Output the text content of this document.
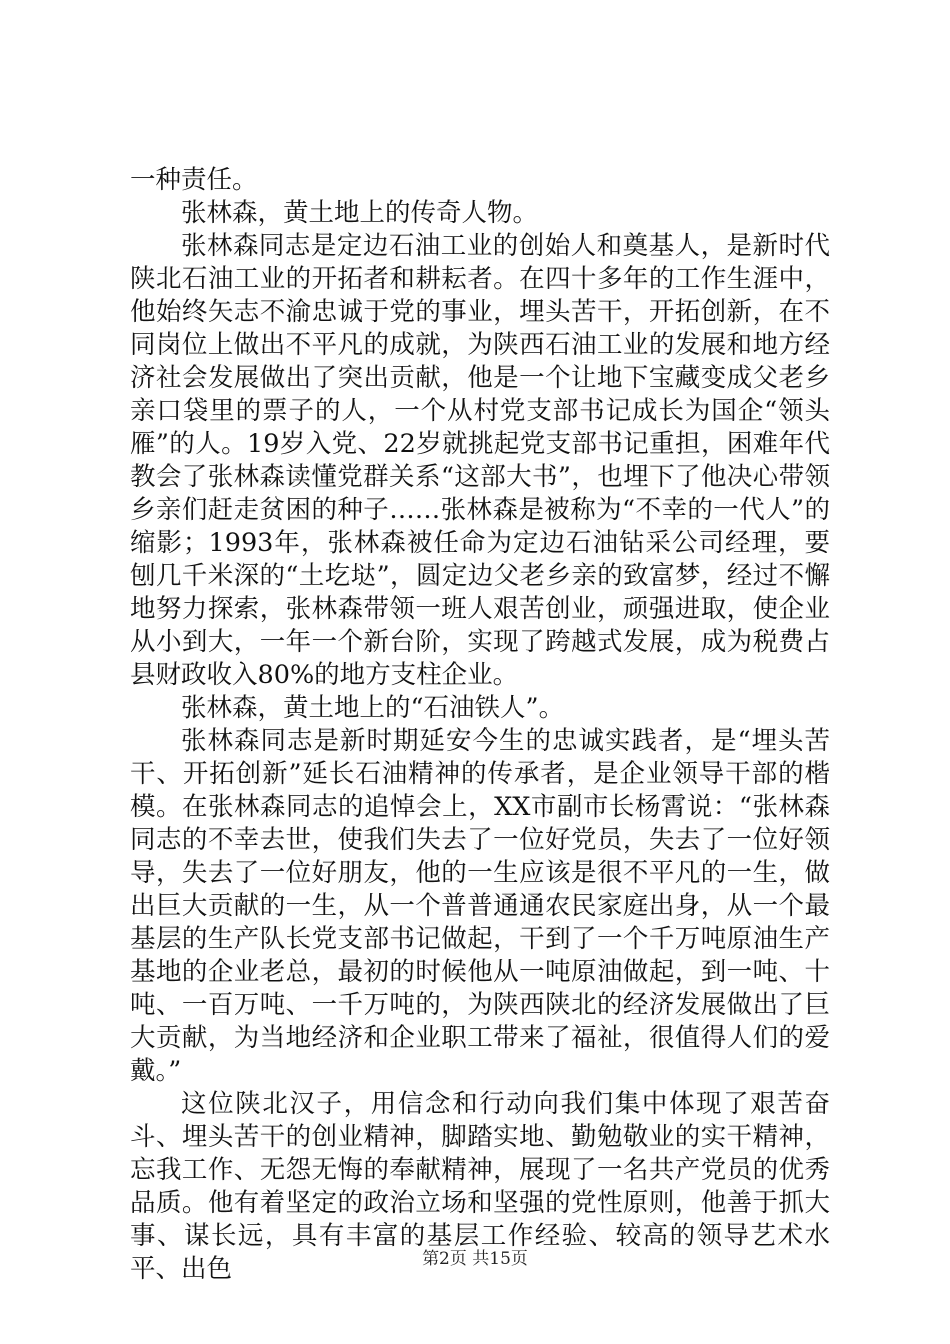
一种责任。

张林森，黄土地上的传奇人物。

张林森同志是定边石油工业的创始人和奠基人，是新时代陕北石油工业的开拓者和耕耘者。在四十多年的工作生涯中，他始终矢志不渝忠诚于党的事业，埋头苦干，开拓创新，在不同岗位上做出不平凡的成就，为陕西石油工业的发展和地方经济社会发展做出了突出贡献，他是一个让地下宝藏变成父老乡亲口袋里的票子的人，一个从村党支部书记成长为国企“领头雁”的人。19岁入党、22岁就挑起党支部书记重担，困难年代教会了张林森读懂党群关系“这部大书”，也埋下了他决心带领乡亲们赶走贫困的种子……张林森是被称为“不幸的一代人”的缩影；1993年，张林森被任命为定边石油钻采公司经理，要刨几千米深的“土圪垯”，圆定边父老乡亲的致富梦，经过不懈地努力探索，张林森带领一班人艰苦创业，顽强进取，使企业从小到大，一年一个新台阶，实现了跨越式发展，成为税费占县财政收入80%的地方支柱企业。

张林森，黄土地上的“石油铁人”。

张林森同志是新时期延安今生的忠诚实践者，是“埋头苦干、开拓创新”延长石油精神的传承者，是企业领导干部的楷模。在张林森同志的追悼会上，XX市副市长杨霄说：“张林森同志的不幸去世，使我们失去了一位好党员，失去了一位好领导，失去了一位好朋友，他的一生应该是很不平凡的一生，做出巨大贡献的一生，从一个普普通通农民家庭出身，从一个最基层的生产队长党支部书记做起，干到了一个千万吨原油生产基地的企业老总，最初的时候他从一吨原油做起，到一吨、十吨、一百万吨、一千万吨的，为陕西陕北的经济发展做出了巨大贡献，为当地经济和企业职工带来了福祉，很值得人们的爱戴。”

这位陕北汉子，用信念和行动向我们集中体现了艰苦奋斗、埋头苦干的创业精神，脚踏实地、勤勉敬业的实干精神，忘我工作、无怨无悔的奉献精神，展现了一名共产党员的优秀品质。他有着坚定的政治立场和坚强的党性原则，他善于抓大事、谋长远，具有丰富的基层工作经验、较高的领导艺术水平、出色	第2页 共15页
